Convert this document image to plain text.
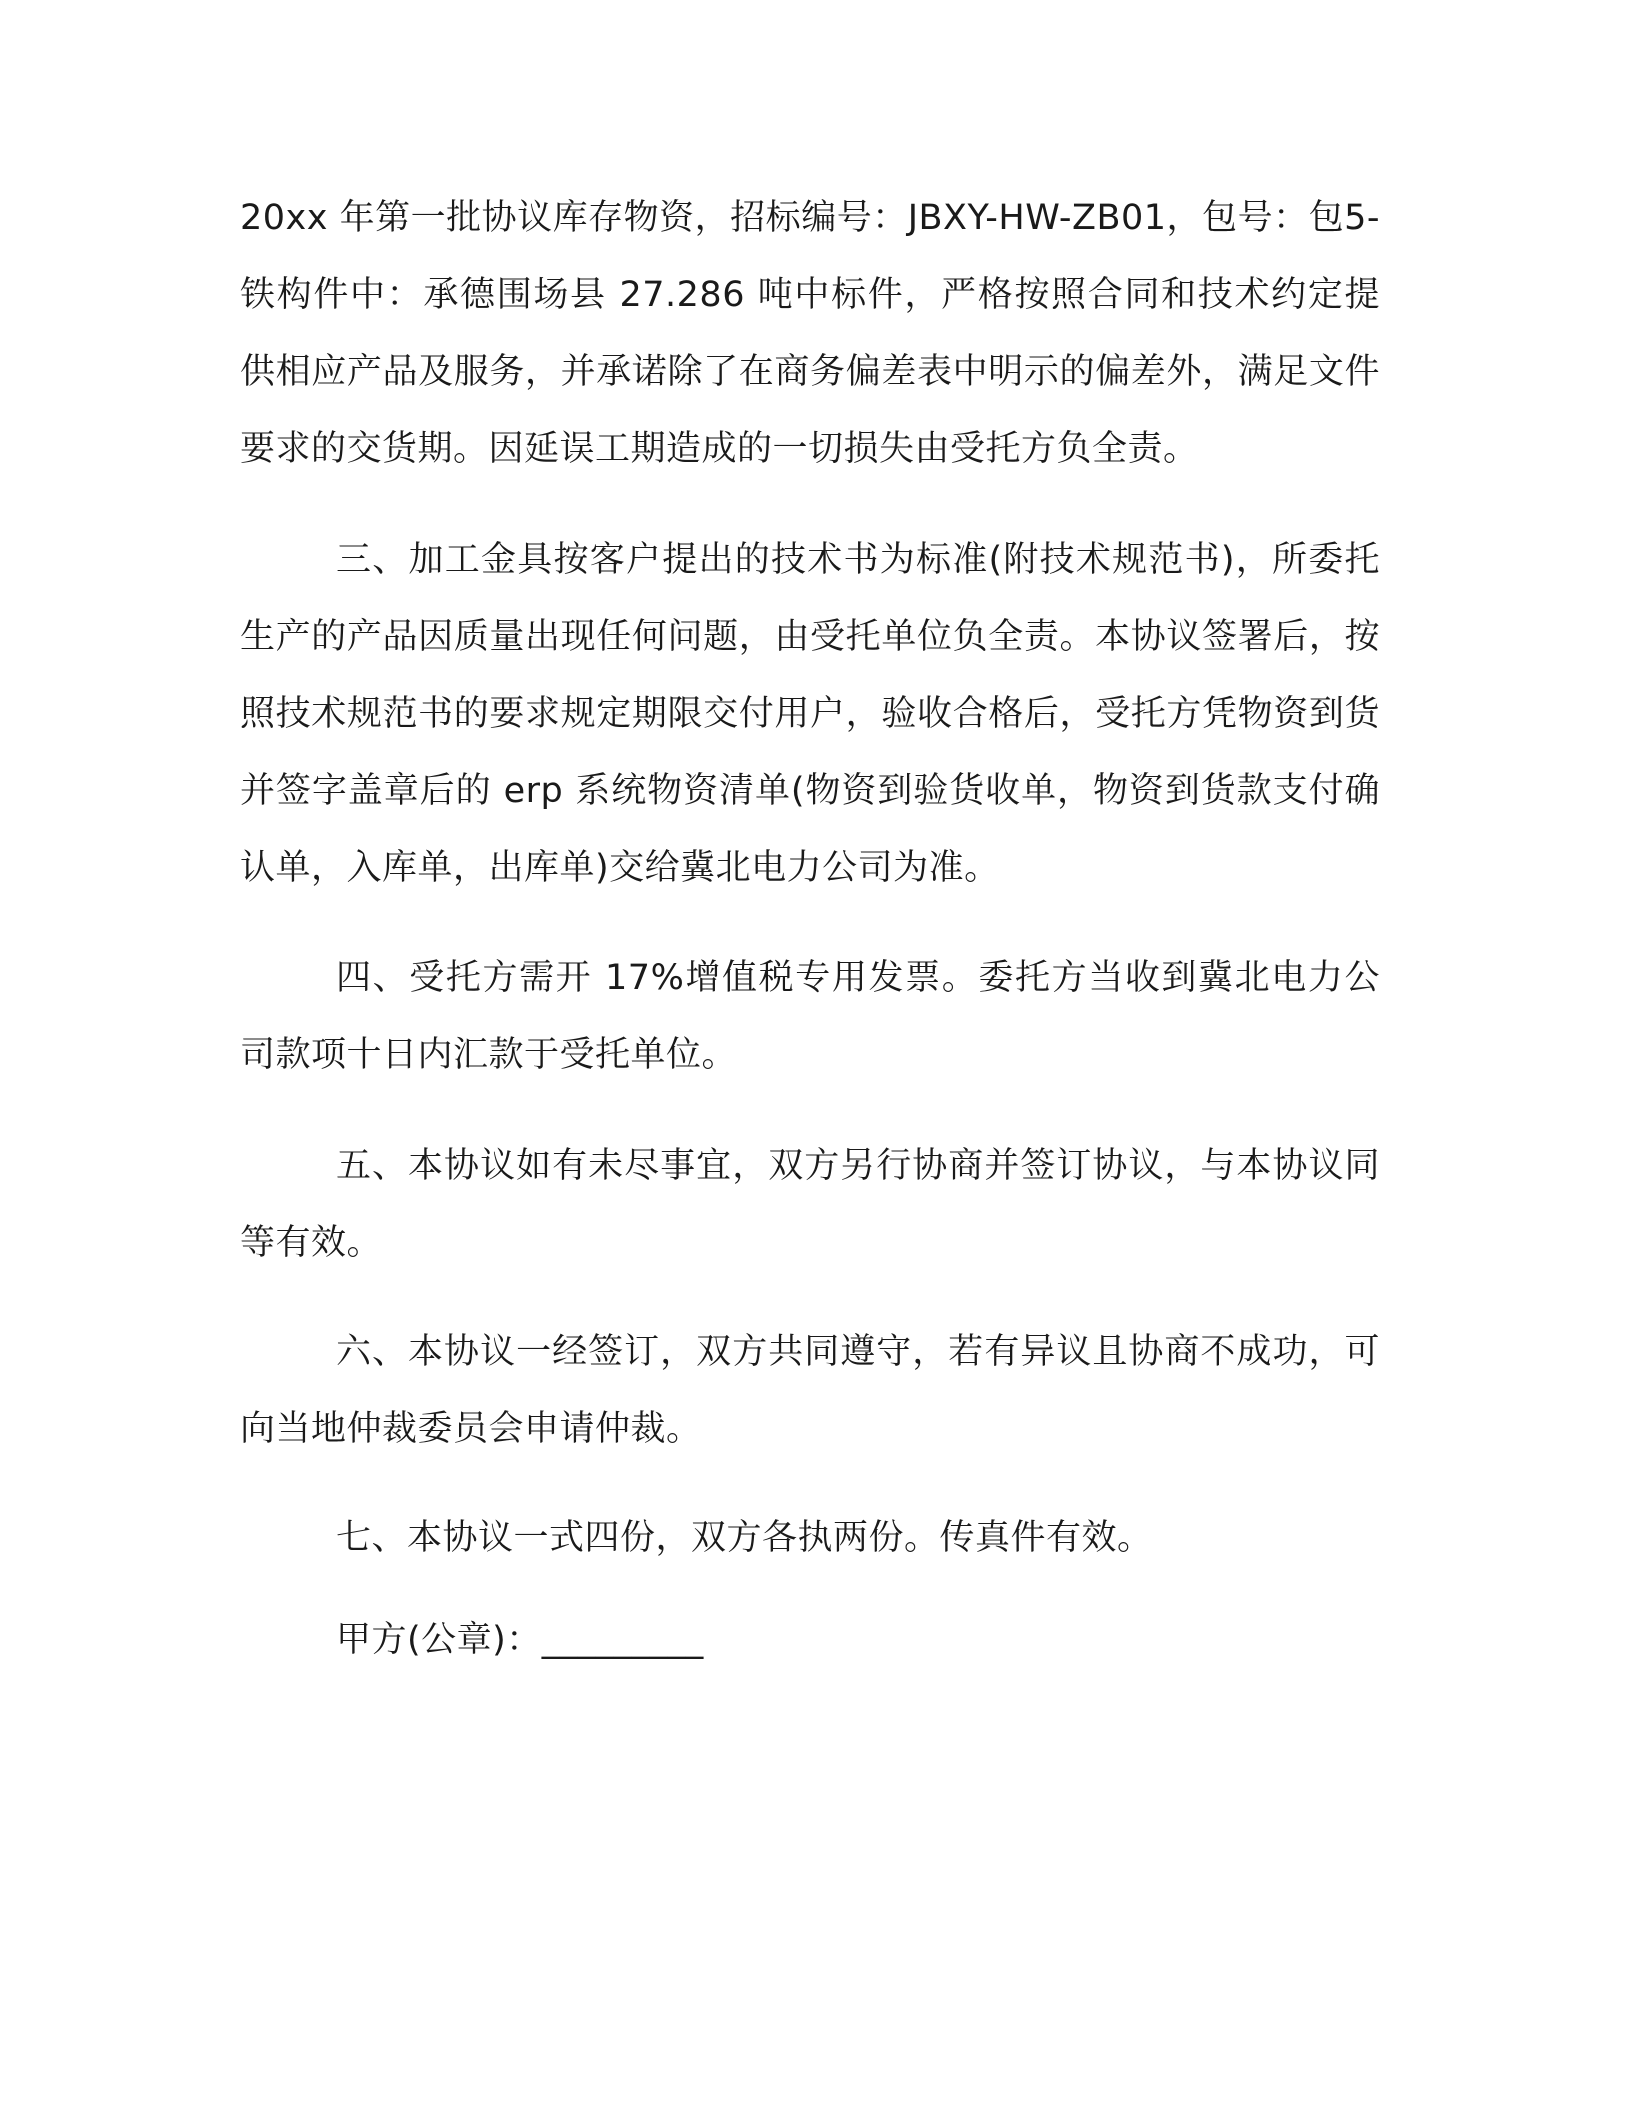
20xx 年第一批协议库存物资，招标编号：JBXY-HW-ZB01，包号：包5-铁构件中：承德围场县 27.286 吨中标件，严格按照合同和技术约定提供相应产品及服务，并承诺除了在商务偏差表中明示的偏差外，满足文件要求的交货期。因延误工期造成的一切损失由受托方负全责。

三、加工金具按客户提出的技术书为标准(附技术规范书)，所委托生产的产品因质量出现任何问题，由受托单位负全责。本协议签署后，按照技术规范书的要求规定期限交付用户，验收合格后，受托方凭物资到货并签字盖章后的 erp 系统物资清单(物资到验货收单，物资到货款支付确认单，入库单，出库单)交给冀北电力公司为准。

四、受托方需开 17%增值税专用发票。委托方当收到冀北电力公司款项十日内汇款于受托单位。

五、本协议如有未尽事宜，双方另行协商并签订协议，与本协议同等有效。

六、本协议一经签订，双方共同遵守，若有异议且协商不成功，可向当地仲裁委员会申请仲裁。

七、本协议一式四份，双方各执两份。传真件有效。

甲方(公章)：_________
